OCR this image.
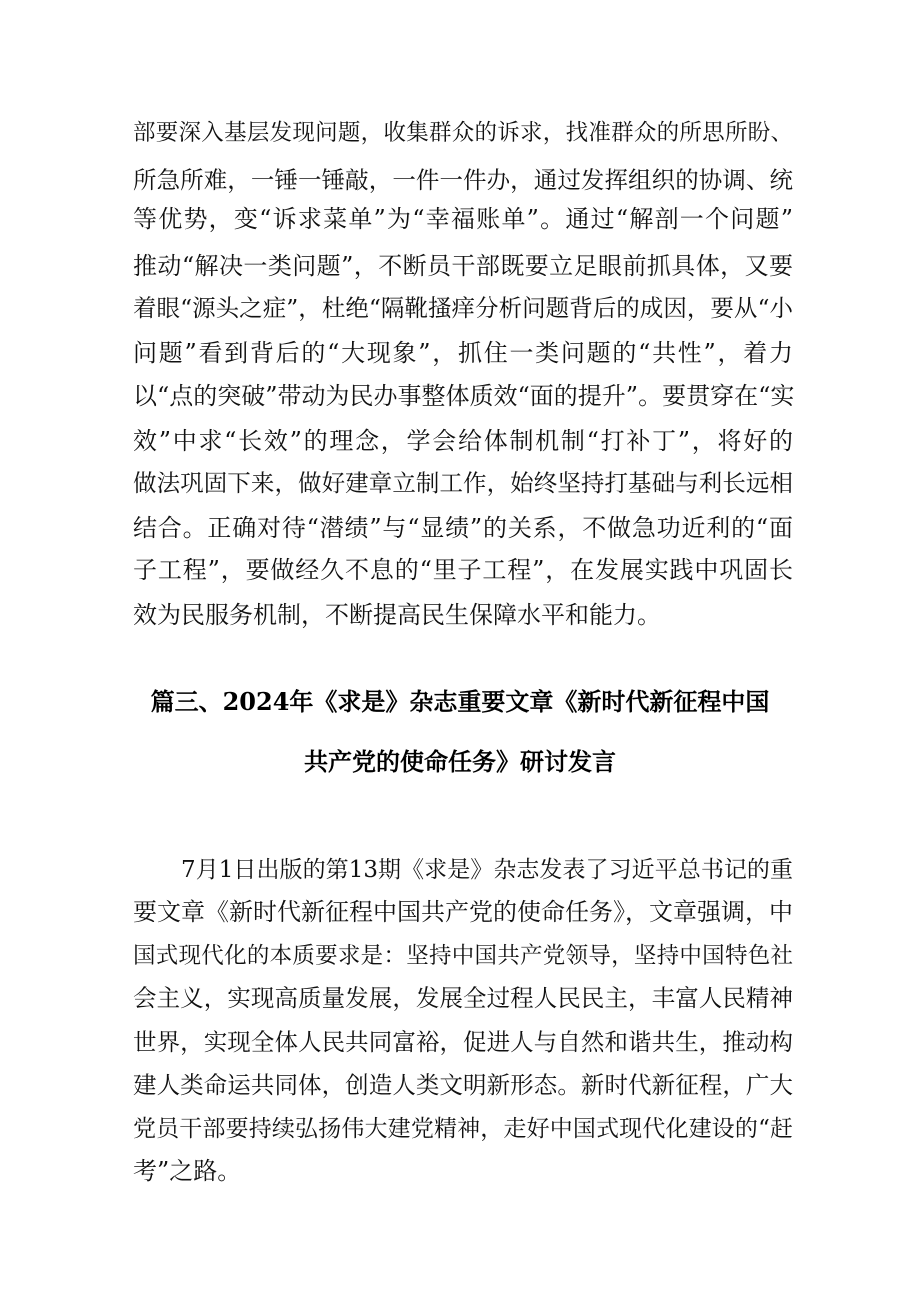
部要深入基层发现问题，收集群众的诉求，找准群众的所思所盼、
所急所难，一锤一锤敲，一件一件办，通过发挥组织的协调、统
等优势，变“诉求菜单”为“幸福账单”。通过“解剖一个问题”
推动“解决一类问题”，不断员干部既要立足眼前抓具体，又要
着眼“源头之症”，杜绝“隔靴搔痒分析问题背后的成因，要从“小
问题”看到背后的“大现象”，抓住一类问题的“共性”，着力
以“点的突破”带动为民办事整体质效“面的提升”。要贯穿在“实
效”中求“长效”的理念，学会给体制机制“打补丁”，将好的
做法巩固下来，做好建章立制工作，始终坚持打基础与利长远相
结合。正确对待“潜绩”与“显绩”的关系，不做急功近利的“面
子工程”，要做经久不息的“里子工程”，在发展实践中巩固长
效为民服务机制，不断提高民生保障水平和能力。
篇三、2024年《求是》杂志重要文章《新时代新征程中国
共产党的使命任务》研讨发言
7月1日出版的第13期《求是》杂志发表了习近平总书记的重
要文章《新时代新征程中国共产党的使命任务》，文章强调，中
国式现代化的本质要求是：坚持中国共产党领导，坚持中国特色社
会主义，实现高质量发展，发展全过程人民民主，丰富人民精神
世界，实现全体人民共同富裕，促进人与自然和谐共生，推动构
建人类命运共同体，创造人类文明新形态。新时代新征程，广大
党员干部要持续弘扬伟大建党精神，走好中国式现代化建设的“赶
考”之路。
